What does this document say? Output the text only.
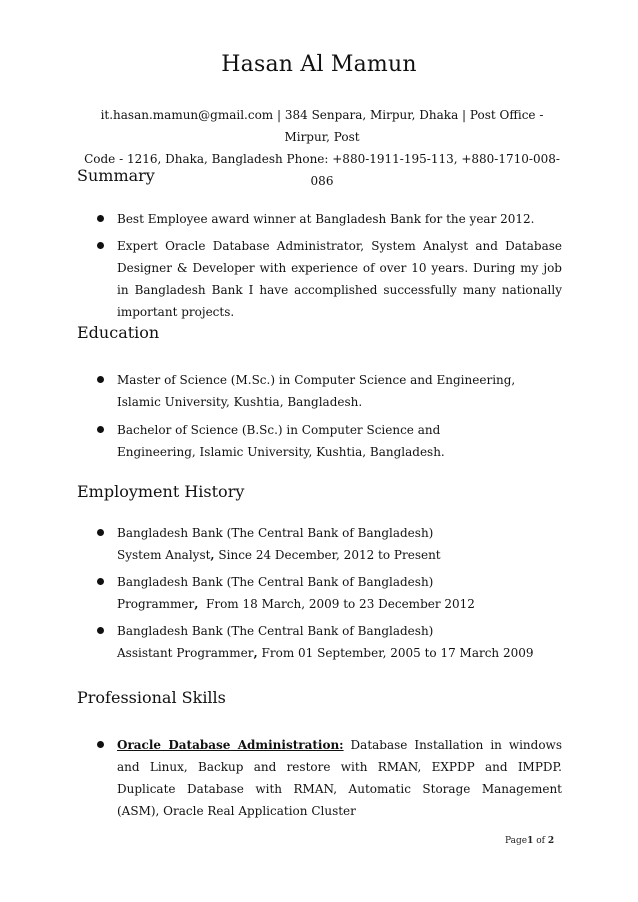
Hasan Al Mamun
it.hasan.mamun@gmail.com | 384 Senpara, Mirpur, Dhaka | Post Office - Mirpur, Post
Code - 1216, Dhaka, Bangladesh Phone: +880-1911-195-113, +880-1710-008-086
Summary
Best Employee award winner at Bangladesh Bank for the year 2012.
Expert Oracle Database Administrator, System Analyst and Database Designer & Developer with experience of over 10 years. During my job in Bangladesh Bank I have accomplished successfully many nationally important projects.
Education
Master of Science (M.Sc.) in Computer Science and Engineering, Islamic University, Kushtia, Bangladesh.
Bachelor of Science (B.Sc.) in Computer Science and Engineering, Islamic University, Kushtia, Bangladesh.
Employment History
Bangladesh Bank (The Central Bank of Bangladesh)
System Analyst, Since 24 December, 2012 to Present
Bangladesh Bank (The Central Bank of Bangladesh)
Programmer,  From 18 March, 2009 to 23 December 2012
Bangladesh Bank (The Central Bank of Bangladesh)
Assistant Programmer, From 01 September, 2005 to 17 March 2009
Professional Skills
Oracle Database Administration: Database Installation in windows and Linux, Backup and restore with RMAN, EXPDP and IMPDP. Duplicate Database with RMAN, Automatic Storage Management (ASM), Oracle Real Application Cluster
Page1 of 2
